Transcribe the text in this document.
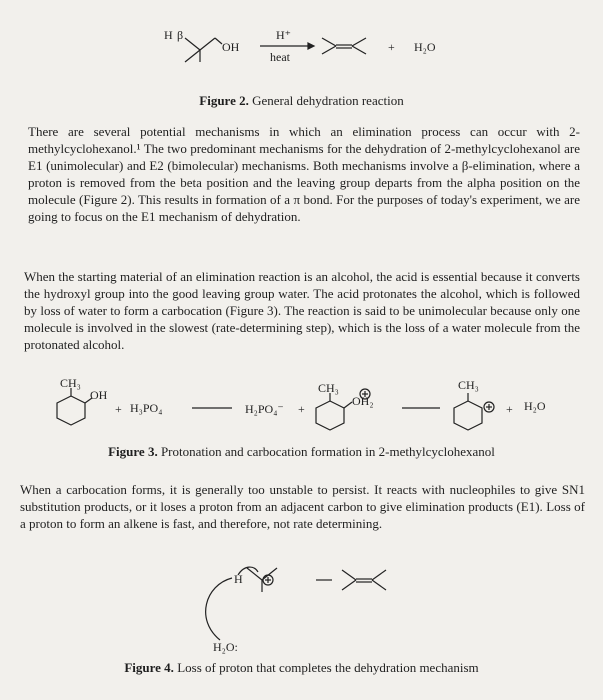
H β
OH
H⁺
heat
+ H₂O
Figure 2. General dehydration reaction

There are several potential mechanisms in which an elimination process can occur with 2-methylcyclohexanol.¹ The two predominant mechanisms for the dehydration of 2-methylcyclohexanol are E1 (unimolecular) and E2 (bimolecular) mechanisms. Both mechanisms involve a β-elimination, where a proton is removed from the beta position and the leaving group departs from the alpha position on the molecule (Figure 2). This results in formation of a π bond. For the purposes of today's experiment, we are going to focus on the E1 mechanism of dehydration.

When the starting material of an elimination reaction is an alcohol, the acid is essential because it converts the hydroxyl group into the good leaving group water. The acid protonates the alcohol, which is followed by loss of water to form a carbocation (Figure 3). The reaction is said to be unimolecular because only one molecule is involved in the slowest (rate-determining step), which is the loss of a water molecule from the protonated alcohol.

CH₃
OH
+ H₃PO₄	H₂PO₄⁻ +
CH₃
OH₂
CH₃
+ H₂O
Figure 3. Protonation and carbocation formation in 2-methylcyclohexanol

When a carbocation forms, it is generally too unstable to persist. It reacts with nucleophiles to give SN1 substitution products, or it loses a proton from an adjacent carbon to give elimination products (E1). Loss of a proton to form an alkene is fast, and therefore, not rate determining.

H
H₂O:
Figure 4. Loss of proton that completes the dehydration mechanism
